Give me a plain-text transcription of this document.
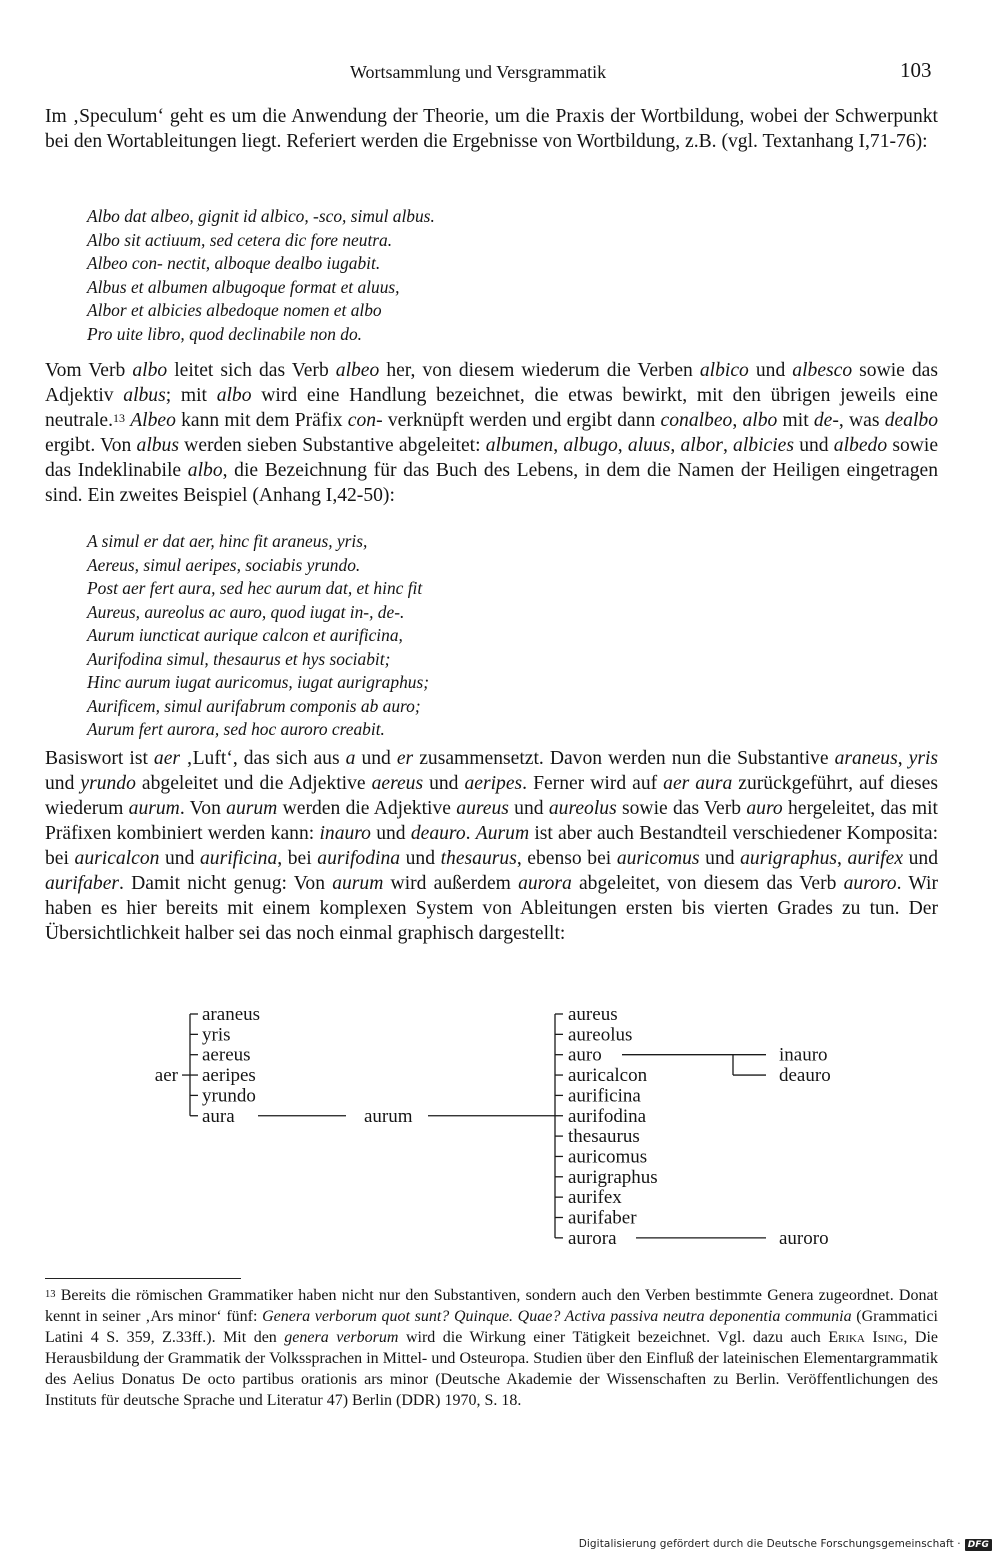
Wortsammlung und Versgrammatik	103

Im ‚Speculum‘ geht es um die Anwendung der Theorie, um die Praxis der Wortbildung, wobei der Schwerpunkt bei den Wortableitungen liegt. Referiert werden die Ergebnisse von Wortbildung, z.B. (vgl. Textanhang I,71-76):

Albo dat albeo, gignit id albico, -sco, simul albus.
Albo sit actiuum, sed cetera dic fore neutra.
Albeo con- nectit, alboque dealbo iugabit.
Albus et albumen albugoque format et aluus,
Albor et albicies albedoque nomen et albo
Pro uite libro, quod declinabile non do.

Vom Verb albo leitet sich das Verb albeo her, von diesem wiederum die Verben albico und albesco sowie das Adjektiv albus; mit albo wird eine Handlung bezeichnet, die etwas bewirkt, mit den übrigen jeweils eine neutrale.$^{13}$ Albeo kann mit dem Präfix con- verknüpft werden und ergibt dann conalbeo, albo mit de-, was dealbo ergibt. Von albus werden sieben Substantive abgeleitet: albumen, albugo, aluus, albor, albicies und albedo sowie das Indeklinabile albo, die Bezeichnung für das Buch des Lebens, in dem die Namen der Heiligen eingetragen sind. Ein zweites Beispiel (Anhang I,42-50):

A simul er dat aer, hinc fit araneus, yris,
Aereus, simul aeripes, sociabis yrundo.
Post aer fert aura, sed hec aurum dat, et hinc fit
Aureus, aureolus ac auro, quod iugat in-, de-.
Aurum iuncticat aurique calcon et aurificina,
Aurifodina simul, thesaurus et hys sociabit;
Hinc aurum iugat auricomus, iugat aurigraphus;
Aurificem, simul aurifabrum componis ab auro;
Aurum fert aurora, sed hoc auroro creabit.

Basiswort ist aer ‚Luft‘, das sich aus a und er zusammensetzt. Davon werden nun die Substantive araneus, yris und yrundo abgeleitet und die Adjektive aereus und aeripes. Ferner wird auf aer aura zurückgeführt, auf dieses wiederum aurum. Von aurum werden die Adjektive aureus und aureolus sowie das Verb auro hergeleitet, das mit Präfixen kombiniert werden kann: inauro und deauro. Aurum ist aber auch Bestandteil verschiedener Komposita: bei auricalcon und aurificina, bei aurifodina und thesaurus, ebenso bei auricomus und aurigraphus, aurifex und aurifaber. Damit nicht genug: Von aurum wird außerdem aurora abgeleitet, von diesem das Verb auroro. Wir haben es hier bereits mit einem komplexen System von Ableitungen ersten bis vierten Grades zu tun. Der Übersichtlichkeit halber sei das noch einmal graphisch dargestellt:

araneus
yris
aereus
aeripes
yrundo
aura
aer
aurum
aureus
aureolus
auro
auricalcon
aurificina
aurifodina
thesaurus
auricomus
aurigraphus
aurifex
aurifaber
aurora
inauro
deauro
auroro

$^{13}$ Bereits die römischen Grammatiker haben nicht nur den Substantiven, sondern auch den Verben bestimmte Genera zugeordnet. Donat kennt in seiner ‚Ars minor‘ fünf: Genera verborum quot sunt? Quinque. Quae? Activa passiva neutra deponentia communia (Grammatici Latini 4 S. 359, Z.33ff.). Mit den genera verborum wird die Wirkung einer Tätigkeit bezeichnet. Vgl. dazu auch Erika Ising, Die Herausbildung der Grammatik der Volkssprachen in Mittel- und Osteuropa. Studien über den Einfluß der lateinischen Elementargrammatik des Aelius Donatus De octo partibus orationis ars minor (Deutsche Akademie der Wissenschaften zu Berlin. Veröffentlichungen des Instituts für deutsche Sprache und Literatur 47) Berlin (DDR) 1970, S. 18.

Digitalisierung gefördert durch die Deutsche Forschungsgemeinschaft · DFG
